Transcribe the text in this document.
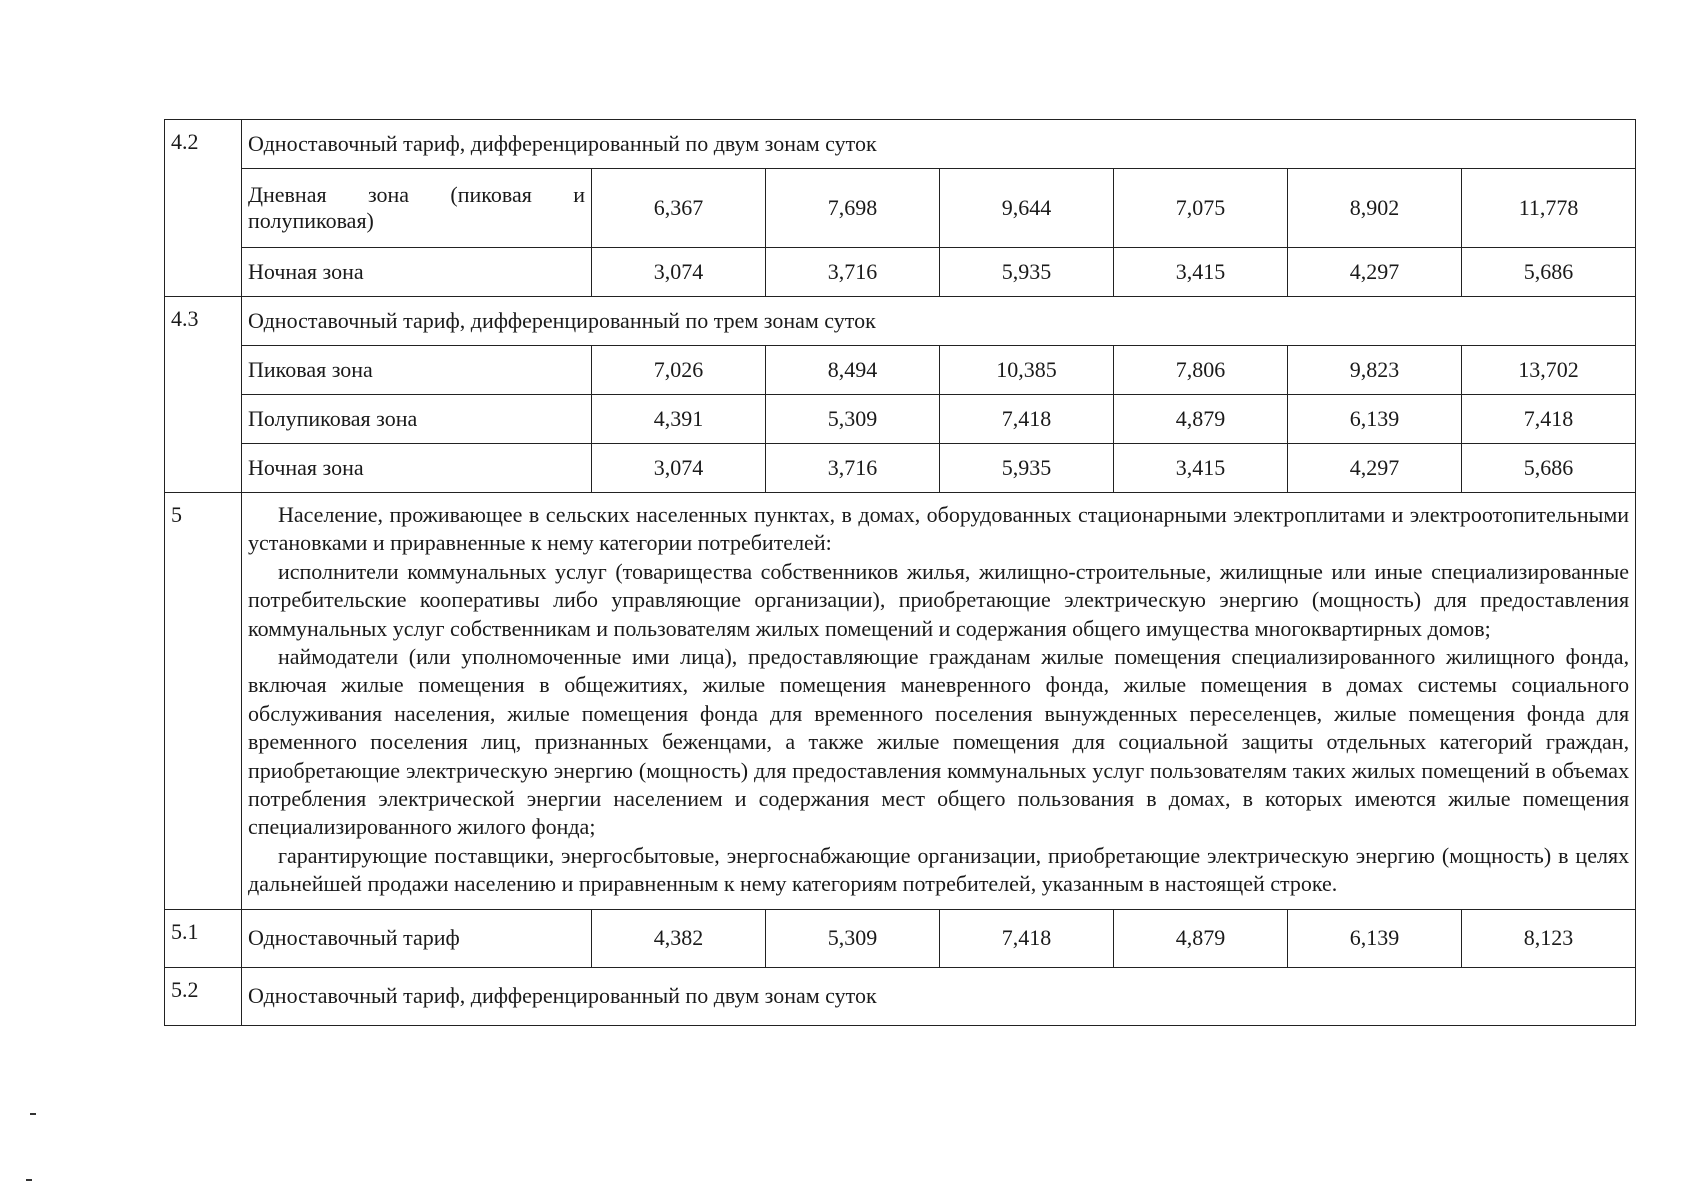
4.2	Одноставочный тариф, дифференцированный по двум зонам суток						
	Дневная зона (пиковая и полупиковая)	6,367	7,698	9,644	7,075	8,902	11,778
	Ночная зона	3,074	3,716	5,935	3,415	4,297	5,686
4.3	Одноставочный тариф, дифференцированный по трем зонам суток						
	Пиковая зона	7,026	8,494	10,385	7,806	9,823	13,702
	Полупиковая зона	4,391	5,309	7,418	4,879	6,139	7,418
	Ночная зона	3,074	3,716	5,935	3,415	4,297	5,686
5	Население, проживающее в сельских населенных пунктах, в домах, оборудованных стационарными электроплитами и электроотопительными установками и приравненные к нему категории потребителей:

исполнители коммунальных услуг (товарищества собственников жилья, жилищно-строительные, жилищные или иные специализированные потребительские кооперативы либо управляющие организации), приобретающие электрическую энергию (мощность) для предоставления коммунальных услуг собственникам и пользователям жилых помещений и содержания общего имущества многоквартирных домов;

наймодатели (или уполномоченные ими лица), предоставляющие гражданам жилые помещения специализированного жилищного фонда, включая жилые помещения в общежитиях, жилые помещения маневренного фонда, жилые помещения в домах системы социального обслуживания населения, жилые помещения фонда для временного поселения вынужденных переселенцев, жилые помещения фонда для временного поселения лиц, признанных беженцами, а также жилые помещения для социальной защиты отдельных категорий граждан, приобретающие электрическую энергию (мощность) для предоставления коммунальных услуг пользователям таких жилых помещений в объемах потребления электрической энергии населением и содержания мест общего пользования в домах, в которых имеются жилые помещения специализированного жилого фонда;

гарантирующие поставщики, энергосбытовые, энергоснабжающие организации, приобретающие электрическую энергию (мощность) в целях дальнейшей продажи населению и приравненным к нему категориям потребителей, указанным в настоящей строке.						

5.1	Одноставочный тариф	4,382	5,309	7,418	4,879	6,139	8,123
5.2	Одноставочный тариф, дифференцированный по двум зонам суток						
